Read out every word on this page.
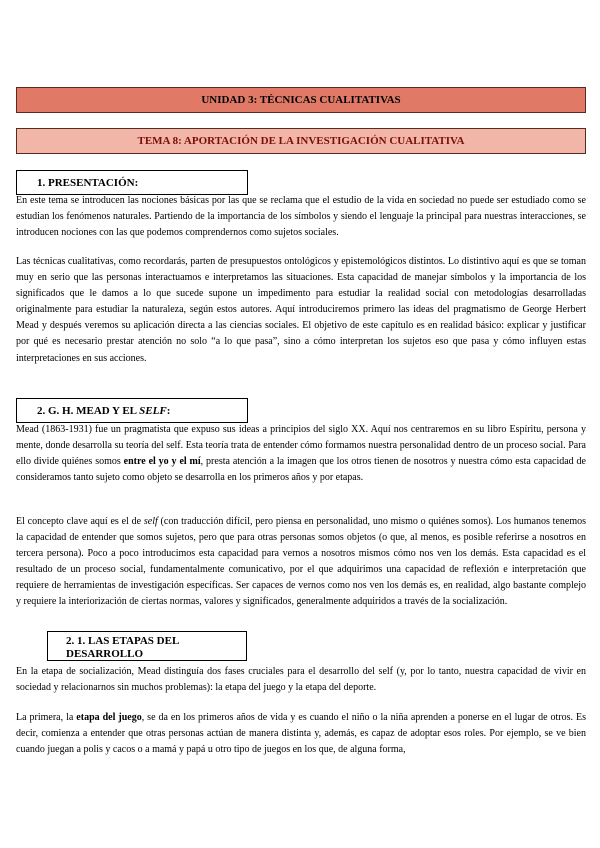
UNIDAD 3: TÉCNICAS CUALITATIVAS
TEMA 8: APORTACIÓN DE LA INVESTIGACIÓN CUALITATIVA
1. PRESENTACIÓN:

En este tema se introducen las nociones básicas por las que se reclama que el estudio de la vida en sociedad no puede ser estudiado como se estudian los fenómenos naturales. Partiendo de la importancia de los símbolos y siendo el lenguaje la principal para nuestras interacciones, se introducen nociones con las que podemos comprendernos como sujetos sociales.

Las técnicas cualitativas, como recordarás, parten de presupuestos ontológicos y epistemológicos distintos. Lo distintivo aquí es que se toman muy en serio que las personas interactuamos e interpretamos las situaciones. Esta capacidad de manejar símbolos y la importancia de los significados que le damos a lo que sucede supone un impedimento para estudiar la realidad social con metodologías desarrolladas originalmente para estudiar la naturaleza, según estos autores. Aquí introduciremos primero las ideas del pragmatismo de George Herbert Mead y después veremos su aplicación directa a las ciencias sociales. El objetivo de este capítulo es en realidad básico: explicar y justificar por qué es necesario prestar atención no solo “a lo que pasa”, sino a cómo interpretan los sujetos eso que pasa y cómo influyen estas interpretaciones en sus acciones.

2. G. H. MEAD Y EL SELF:

Mead (1863-1931) fue un pragmatista que expuso sus ideas a principios del siglo XX. Aquí nos centraremos en su libro Espíritu, persona y mente, donde desarrolla su teoría del self. Esta teoría trata de entender cómo formamos nuestra personalidad dentro de un proceso social. Para ello divide quiénes somos entre el yo y el mí, presta atención a la imagen que los otros tienen de nosotros y nuestra cómo esta capacidad de consideramos tanto sujeto como objeto se desarrolla en los primeros años y por etapas.

El concepto clave aquí es el de self (con traducción difícil, pero piensa en personalidad, uno mismo o quiénes somos). Los humanos tenemos la capacidad de entender que somos sujetos, pero que para otras personas somos objetos (o que, al menos, es posible referirse a nosotros en tercera persona). Poco a poco introducimos esta capacidad para vernos a nosotros mismos cómo nos ven los demás. Esta capacidad es el resultado de un proceso social, fundamentalmente comunicativo, por el que adquirimos una capacidad de reflexión e interpretación que requiere de herramientas de investigación específicas. Ser capaces de vernos como nos ven los demás es, en realidad, algo bastante complejo y requiere la interiorización de ciertas normas, valores y significados, generalmente adquiridos a través de la socialización.

2. 1. LAS ETAPAS DEL
DESARROLLO

En la etapa de socialización, Mead distinguía dos fases cruciales para el desarrollo del self (y, por lo tanto, nuestra capacidad de vivir en sociedad y relacionarnos sin muchos problemas): la etapa del juego y la etapa del deporte.

La primera, la etapa del juego, se da en los primeros años de vida y es cuando el niño o la niña aprenden a ponerse en el lugar de otros. Es decir, comienza a entender que otras personas actúan de manera distinta y, además, es capaz de adoptar esos roles. Por ejemplo, se ve bien cuando juegan a polis y cacos o a mamá y papá u otro tipo de juegos en los que, de alguna forma,
